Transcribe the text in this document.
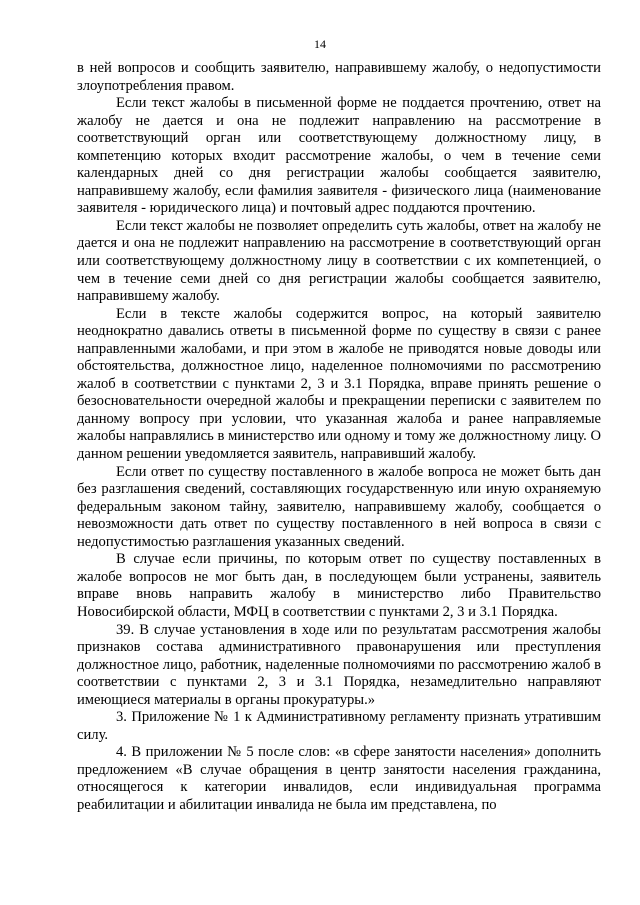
14

в ней вопросов и сообщить заявителю, направившему жалобу, о недопустимости злоупотребления правом.

Если текст жалобы в письменной форме не поддается прочтению, ответ на жалобу не дается и она не подлежит направлению на рассмотрение в соответствующий орган или соответствующему должностному лицу, в компетенцию которых входит рассмотрение жалобы, о чем в течение семи календарных дней со дня регистрации жалобы сообщается заявителю, направившему жалобу, если фамилия заявителя - физического лица (наименование заявителя - юридического лица) и почтовый адрес поддаются прочтению.

Если текст жалобы не позволяет определить суть жалобы, ответ на жалобу не дается и она не подлежит направлению на рассмотрение в соответствующий орган или соответствующему должностному лицу в соответствии с их компетенцией, о чем в течение семи дней со дня регистрации жалобы сообщается заявителю, направившему жалобу.

Если в тексте жалобы содержится вопрос, на который заявителю неоднократно давались ответы в письменной форме по существу в связи с ранее направленными жалобами, и при этом в жалобе не приводятся новые доводы или обстоятельства, должностное лицо, наделенное полномочиями по рассмотрению жалоб в соответствии с пунктами 2, 3 и 3.1 Порядка, вправе принять решение о безосновательности очередной жалобы и прекращении переписки с заявителем по данному вопросу при условии, что указанная жалоба и ранее направляемые жалобы направлялись в министерство или одному и тому же должностному лицу. О данном решении уведомляется заявитель, направивший жалобу.

Если ответ по существу поставленного в жалобе вопроса не может быть дан без разглашения сведений, составляющих государственную или иную охраняемую федеральным законом тайну, заявителю, направившему жалобу, сообщается о невозможности дать ответ по существу поставленного в ней вопроса в связи с недопустимостью разглашения указанных сведений.

В случае если причины, по которым ответ по существу поставленных в жалобе вопросов не мог быть дан, в последующем были устранены, заявитель вправе вновь направить жалобу в министерство либо Правительство Новосибирской области, МФЦ в соответствии с пунктами 2, 3 и 3.1 Порядка.

39. В случае установления в ходе или по результатам рассмотрения жалобы признаков состава административного правонарушения или преступления должностное лицо, работник, наделенные полномочиями по рассмотрению жалоб в соответствии с пунктами 2, 3 и 3.1 Порядка, незамедлительно направляют имеющиеся материалы в органы прокуратуры.»

3. Приложение № 1 к Административному регламенту признать утратившим силу.

4. В приложении № 5 после слов: «в сфере занятости населения» дополнить предложением «В случае обращения в центр занятости населения гражданина, относящегося к категории инвалидов, если индивидуальная программа реабилитации и абилитации инвалида не была им представлена, по
